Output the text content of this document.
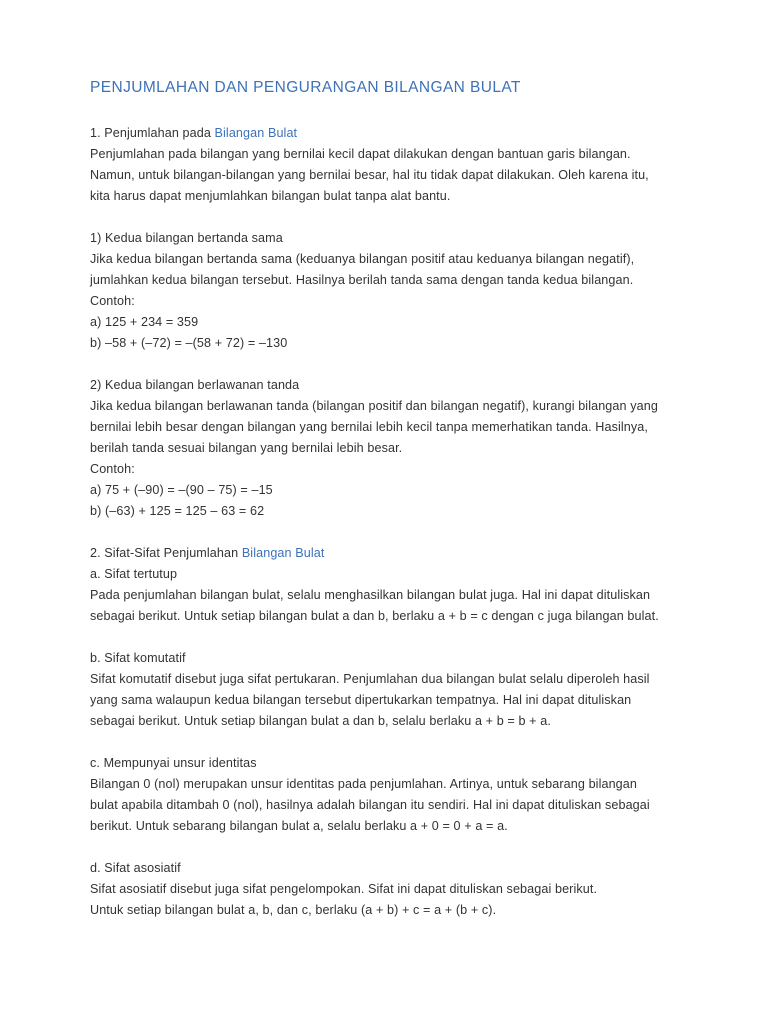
PENJUMLAHAN DAN PENGURANGAN BILANGAN BULAT
1. Penjumlahan pada Bilangan Bulat
Penjumlahan pada bilangan yang bernilai kecil dapat dilakukan dengan bantuan garis bilangan.
Namun, untuk bilangan-bilangan yang bernilai besar, hal itu tidak dapat dilakukan. Oleh karena itu,
kita harus dapat menjumlahkan bilangan bulat tanpa alat bantu.
1) Kedua bilangan bertanda sama
Jika kedua bilangan bertanda sama (keduanya bilangan positif atau keduanya bilangan negatif),
jumlahkan kedua bilangan tersebut. Hasilnya berilah tanda sama dengan tanda kedua bilangan.
Contoh:
a) 125 + 234 = 359
b) –58 + (–72) = –(58 + 72) = –130
2) Kedua bilangan berlawanan tanda
Jika kedua bilangan berlawanan tanda (bilangan positif dan bilangan negatif), kurangi bilangan yang
bernilai lebih besar dengan bilangan yang bernilai lebih kecil tanpa memerhatikan tanda. Hasilnya,
berilah tanda sesuai bilangan yang bernilai lebih besar.
Contoh:
a) 75 + (–90) = –(90 – 75) = –15
b) (–63) + 125 = 125 – 63 = 62
2. Sifat-Sifat Penjumlahan Bilangan Bulat
a. Sifat tertutup
Pada penjumlahan bilangan bulat, selalu menghasilkan bilangan bulat juga. Hal ini dapat dituliskan
sebagai berikut. Untuk setiap bilangan bulat a dan b, berlaku a + b = c dengan c juga bilangan bulat.
b. Sifat komutatif
Sifat komutatif disebut juga sifat pertukaran. Penjumlahan dua bilangan bulat selalu diperoleh hasil
yang sama walaupun kedua bilangan tersebut dipertukarkan tempatnya. Hal ini dapat dituliskan
sebagai berikut. Untuk setiap bilangan bulat a dan b, selalu berlaku a + b = b + a.
c. Mempunyai unsur identitas
Bilangan 0 (nol) merupakan unsur identitas pada penjumlahan. Artinya, untuk sebarang bilangan
bulat apabila ditambah 0 (nol), hasilnya adalah bilangan itu sendiri. Hal ini dapat dituliskan sebagai
berikut. Untuk sebarang bilangan bulat a, selalu berlaku a + 0 = 0 + a = a.
d. Sifat asosiatif
Sifat asosiatif disebut juga sifat pengelompokan. Sifat ini dapat dituliskan sebagai berikut.
Untuk setiap bilangan bulat a, b, dan c, berlaku (a + b) + c = a + (b + c).
